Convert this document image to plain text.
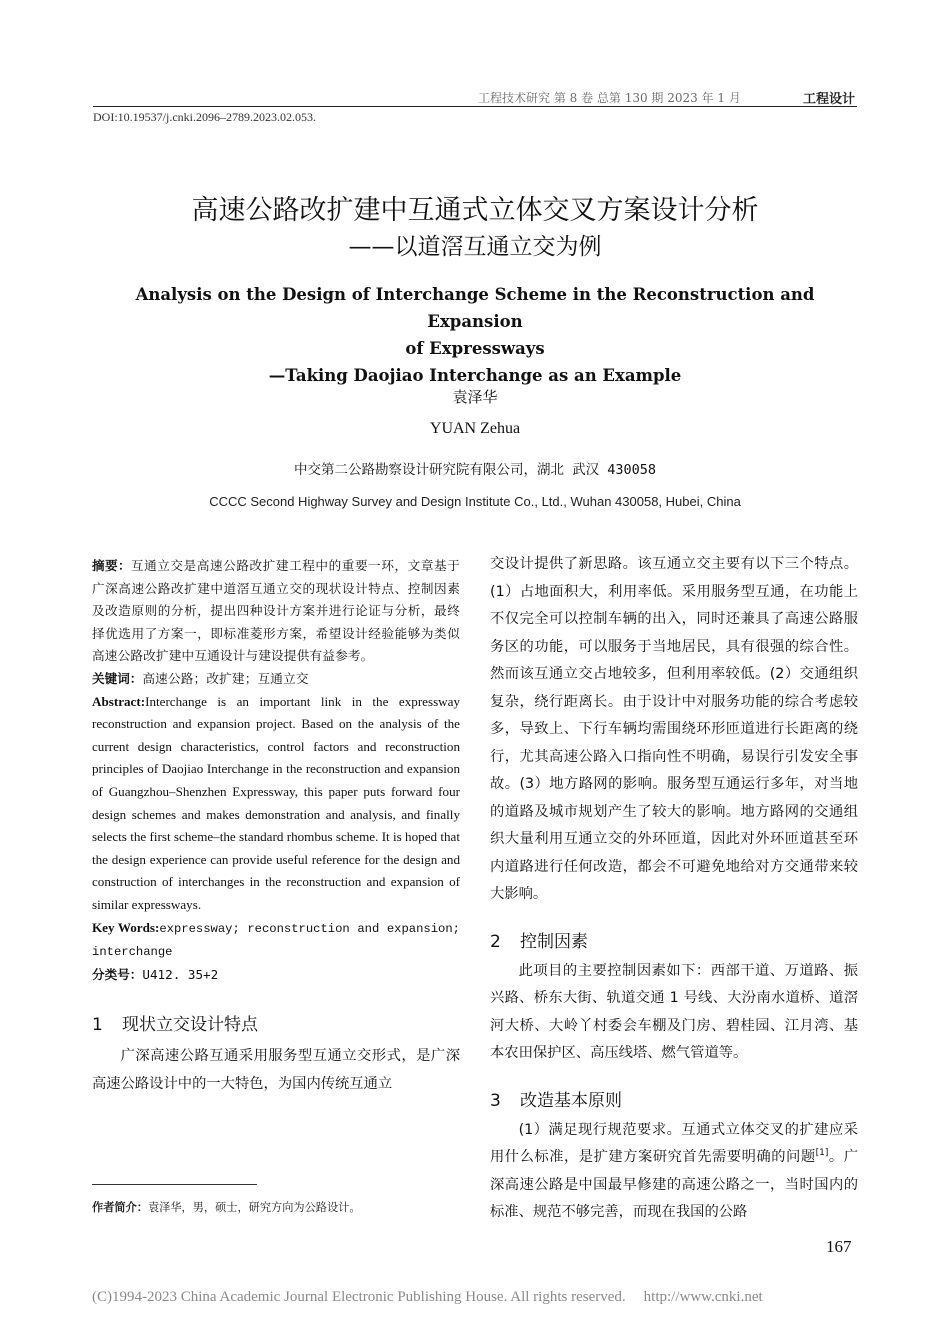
工程技术研究 第 8 卷 总第 130 期 2023 年 1 月	工程设计
DOI:10.19537/j.cnki.2096–2789.2023.02.053.
高速公路改扩建中互通式立体交叉方案设计分析
——以道滘互通立交为例
Analysis on the Design of Interchange Scheme in the Reconstruction and Expansion
of Expressways
—Taking Daojiao Interchange as an Example
袁泽华
YUAN Zehua
中交第二公路勘察设计研究院有限公司，湖北 武汉 430058
CCCC Second Highway Survey and Design Institute Co., Ltd., Wuhan 430058, Hubei, China
摘要：互通立交是高速公路改扩建工程中的重要一环，文章基于广深高速公路改扩建中道滘互通立交的现状设计特点、控制因素及改造原则的分析，提出四种设计方案并进行论证与分析，最终择优选用了方案一，即标准菱形方案，希望设计经验能够为类似高速公路改扩建中互通设计与建设提供有益参考。
关键词：高速公路；改扩建；互通立交
Abstract:Interchange is an important link in the expressway reconstruction and expansion project. Based on the analysis of the current design characteristics, control factors and reconstruction principles of Daojiao Interchange in the reconstruction and expansion of Guangzhou–Shenzhen Expressway, this paper puts forward four design schemes and makes demonstration and analysis, and finally selects the first scheme–the standard rhombus scheme. It is hoped that the design experience can provide useful reference for the design and construction of interchanges in the reconstruction and expansion of similar expressways.
Key Words:expressway; reconstruction and expansion; interchange
分类号：U412. 35+2
1 现状立交设计特点
广深高速公路互通采用服务型互通立交形式，是广深高速公路设计中的一大特色，为国内传统互通立
作者简介：袁泽华，男，硕士，研究方向为公路设计。
交设计提供了新思路。该互通立交主要有以下三个特点。(1）占地面积大，利用率低。采用服务型互通，在功能上不仅完全可以控制车辆的出入，同时还兼具了高速公路服务区的功能，可以服务于当地居民，具有很强的综合性。然而该互通立交占地较多，但利用率较低。(2）交通组织复杂，绕行距离长。由于设计中对服务功能的综合考虑较多，导致上、下行车辆均需围绕环形匝道进行长距离的绕行，尤其高速公路入口指向性不明确，易误行引发安全事故。(3）地方路网的影响。服务型互通运行多年，对当地的道路及城市规划产生了较大的影响。地方路网的交通组织大量利用互通立交的外环匝道，因此对外环匝道甚至环内道路进行任何改造，都会不可避免地给对方交通带来较大影响。
2 控制因素
此项目的主要控制因素如下：西部干道、万道路、振兴路、桥东大街、轨道交通 1 号线、大汾南水道桥、道滘河大桥、大岭丫村委会车棚及门房、碧桂园、江月湾、基本农田保护区、高压线塔、燃气管道等。
3 改造基本原则
(1）满足现行规范要求。互通式立体交叉的扩建应采用什么标准，是扩建方案研究首先需要明确的问题[1]。广深高速公路是中国最早修建的高速公路之一，当时国内的标准、规范不够完善，而现在我国的公路
167
(C)1994-2023 China Academic Journal Electronic Publishing House. All rights reserved. http://www.cnki.net
